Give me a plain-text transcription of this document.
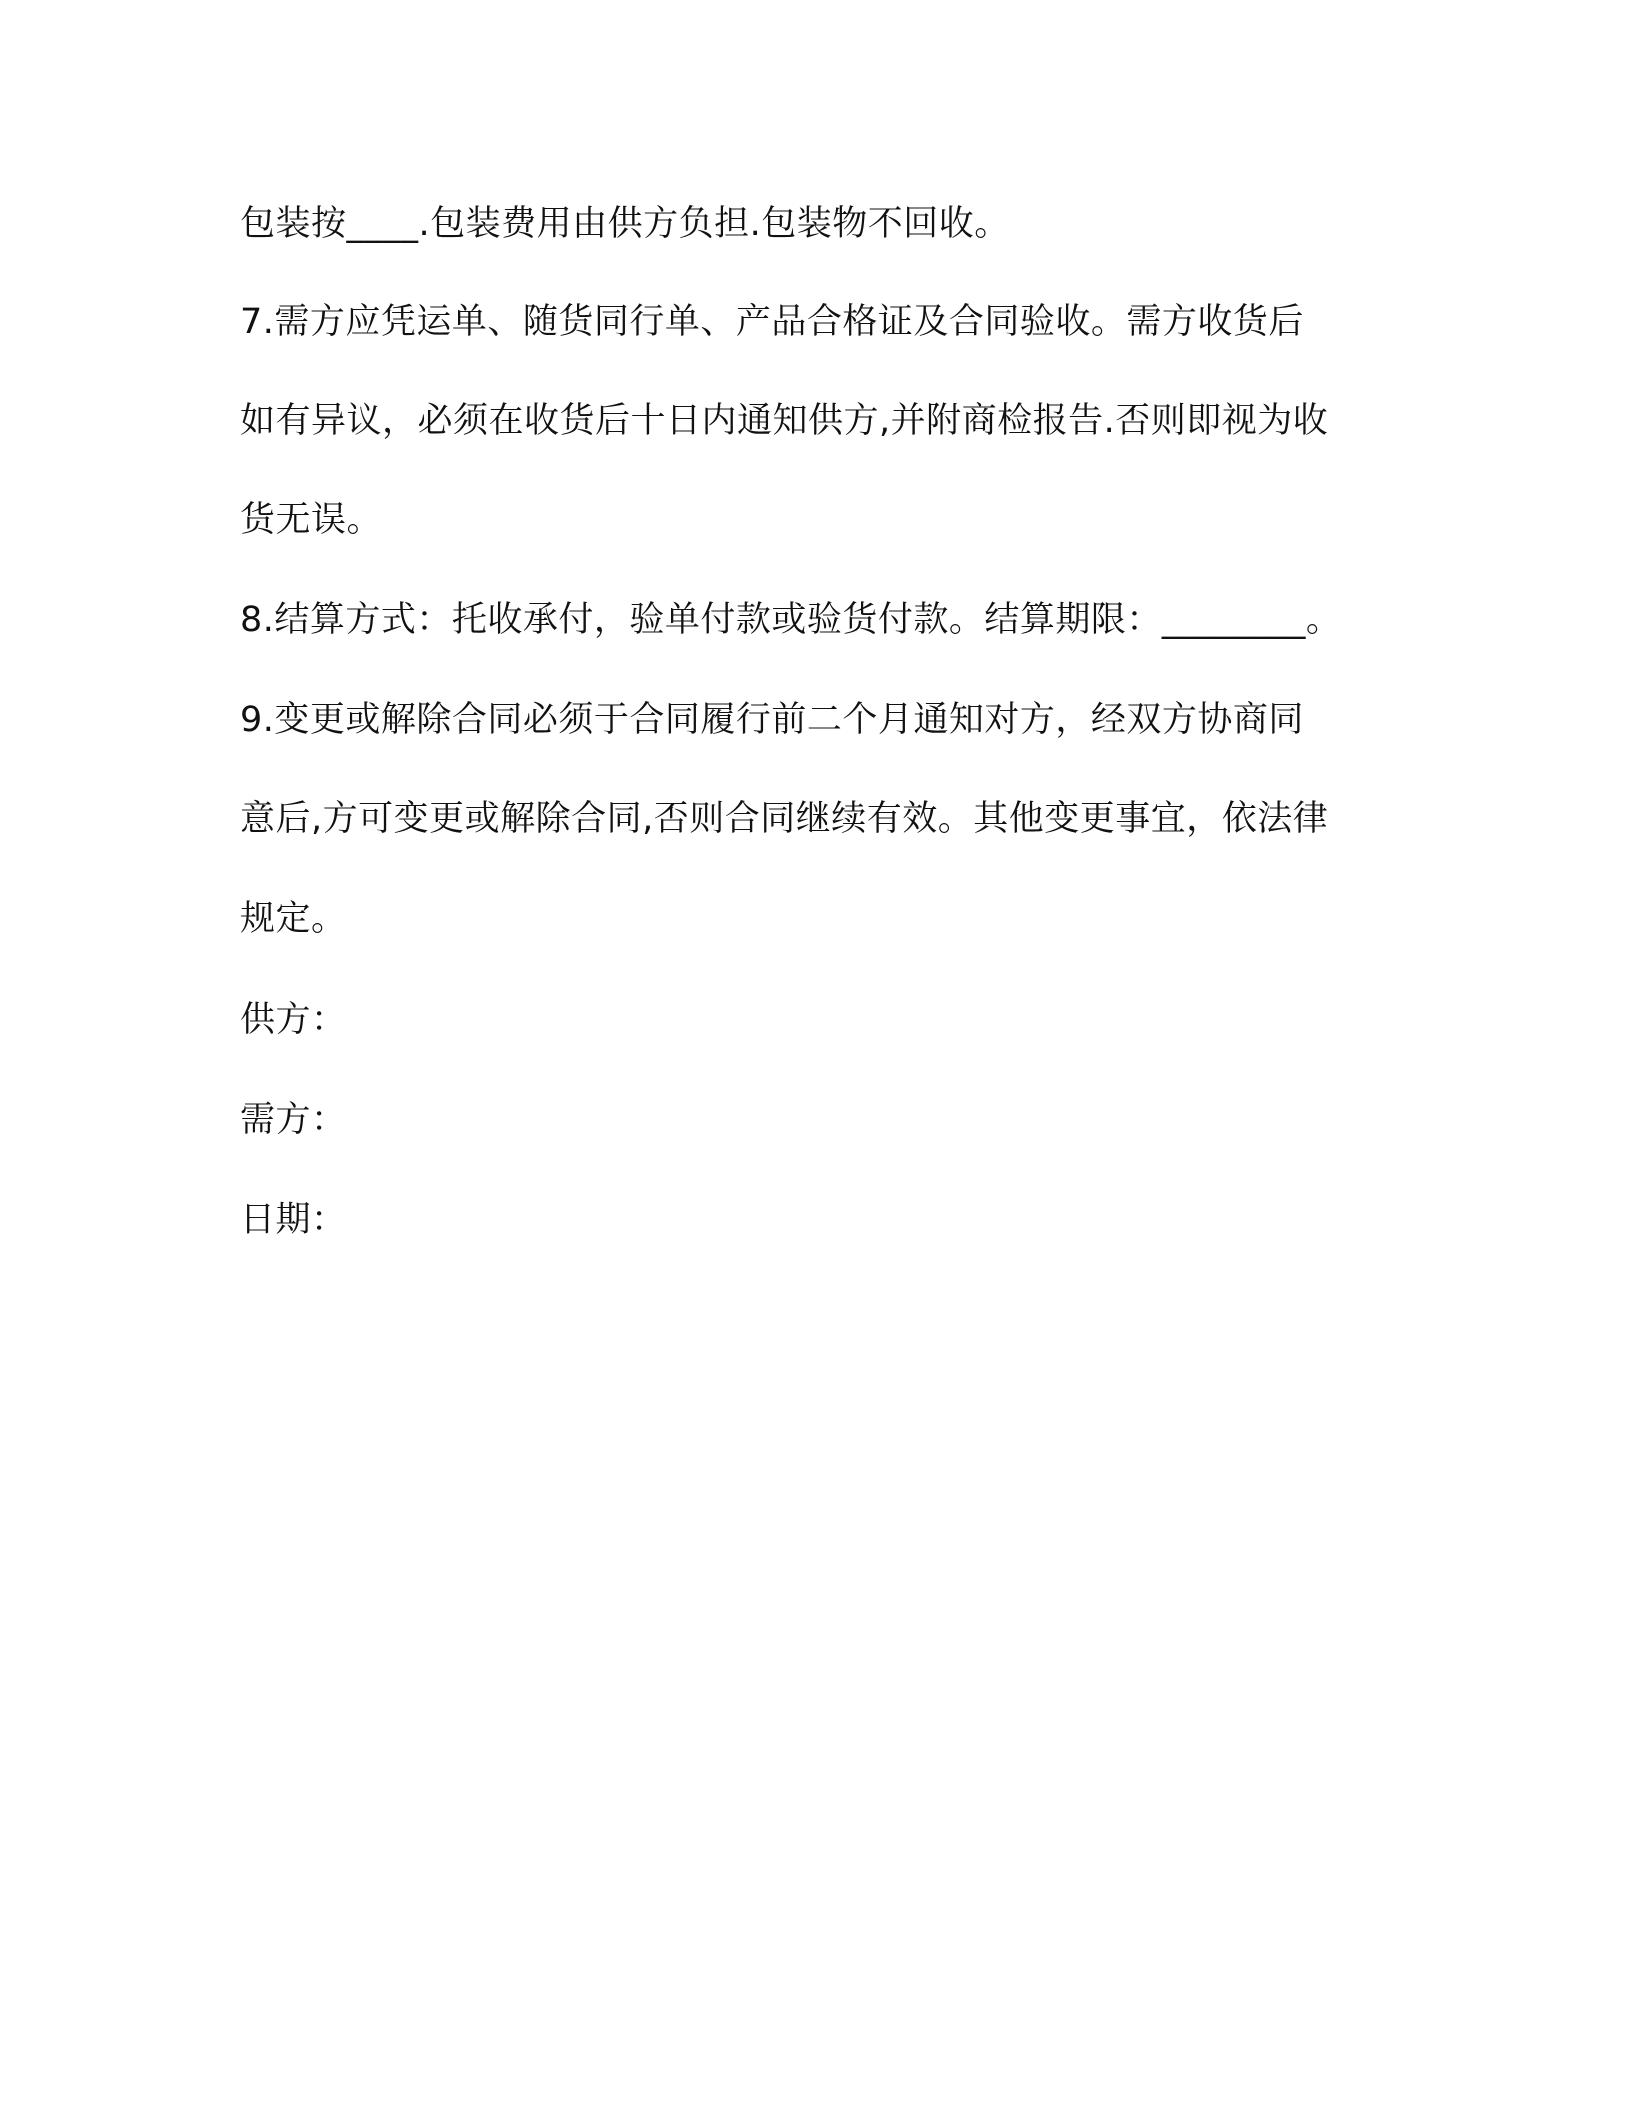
包装按____.包装费用由供方负担.包装物不回收。
7.需方应凭运单、随货同行单、产品合格证及合同验收。需方收货后
如有异议，必须在收货后十日内通知供方,并附商检报告.否则即视为收
货无误。
8.结算方式：托收承付，验单付款或验货付款。结算期限：________。
9.变更或解除合同必须于合同履行前二个月通知对方，经双方协商同
意后,方可变更或解除合同,否则合同继续有效。其他变更事宜，依法律
规定。
供方：
需方：
日期：
